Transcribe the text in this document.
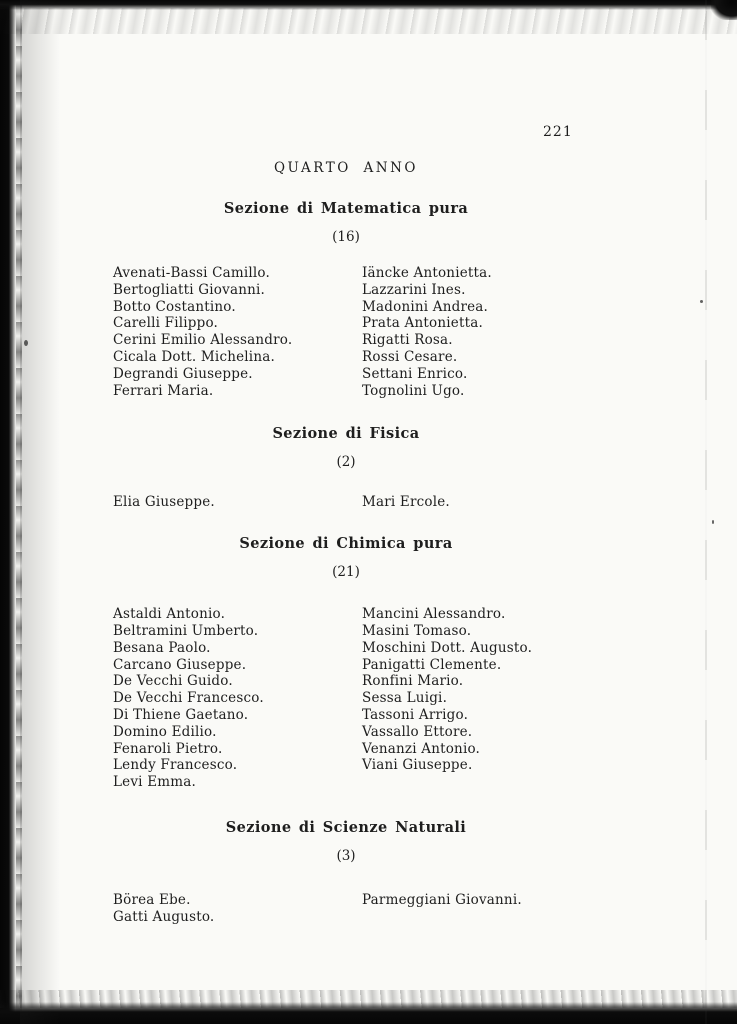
221
QUARTO ANNO
Sezione di Matematica pura
(16)
Avenati-Bassi Camillo.
Bertogliatti Giovanni.
Botto Costantino.
Carelli Filippo.
Cerini Emilio Alessandro.
Cicala Dott. Michelina.
Degrandi Giuseppe.
Ferrari Maria.
Iäncke Antonietta.
Lazzarini Ines.
Madonini Andrea.
Prata Antonietta.
Rigatti Rosa.
Rossi Cesare.
Settani Enrico.
Tognolini Ugo.
Sezione di Fisica
(2)
Elia Giuseppe.	Mari Ercole.
Sezione di Chimica pura
(21)
Astaldi Antonio.
Beltramini Umberto.
Besana Paolo.
Carcano Giuseppe.
De Vecchi Guido.
De Vecchi Francesco.
Di Thiene Gaetano.
Domino Edilio.
Fenaroli Pietro.
Lendy Francesco.
Levi Emma.
Mancini Alessandro.
Masini Tomaso.
Moschini Dott. Augusto.
Panigatti Clemente.
Ronfini Mario.
Sessa Luigi.
Tassoni Arrigo.
Vassallo Ettore.
Venanzi Antonio.
Viani Giuseppe.
Sezione di Scienze Naturali
(3)
Börea Ebe.
Gatti Augusto.
Parmeggiani Giovanni.
